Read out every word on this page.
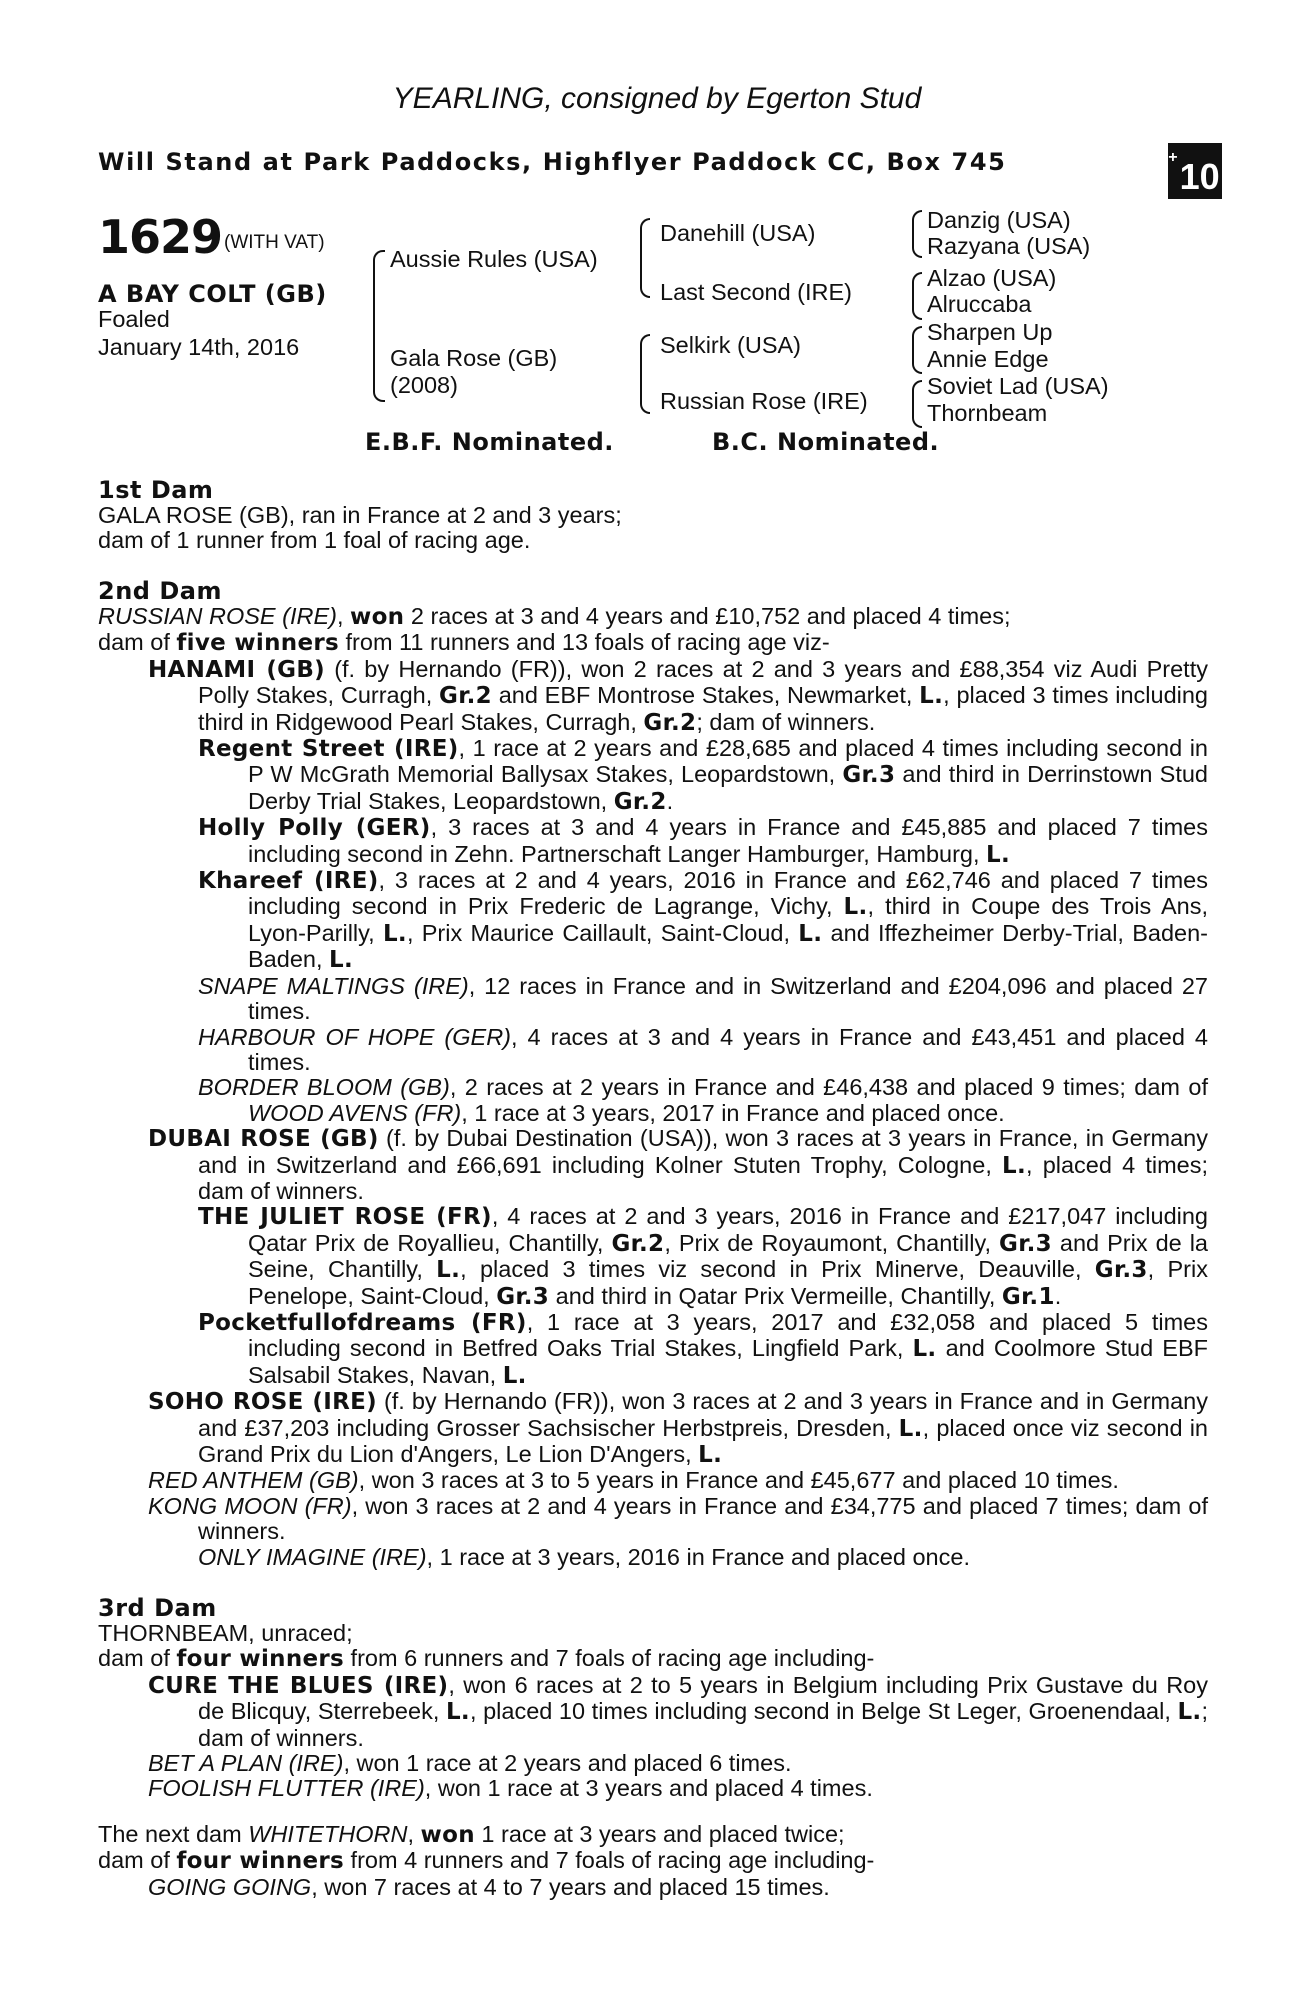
YEARLING, consigned by Egerton Stud
Will Stand at Park Paddocks, Highflyer Paddock CC, Box 745	+10
1629 (WITH VAT)
A BAY COLT (GB)
Foaled
January 14th, 2016
Aussie Rules (USA)
Gala Rose (GB)
(2008)
Danehill (USA)
Last Second (IRE)
Selkirk (USA)
Russian Rose (IRE)
Danzig (USA)
Razyana (USA)
Alzao (USA)
Alruccaba
Sharpen Up
Annie Edge
Soviet Lad (USA)
Thornbeam
E.B.F. Nominated.	B.C. Nominated.
1st Dam
GALA ROSE (GB), ran in France at 2 and 3 years;
dam of 1 runner from 1 foal of racing age.
2nd Dam
RUSSIAN ROSE (IRE), won 2 races at 3 and 4 years and £10,752 and placed 4 times;
dam of five winners from 11 runners and 13 foals of racing age viz-
HANAMI (GB) (f. by Hernando (FR)), won 2 races at 2 and 3 years and £88,354 viz Audi Pretty Polly Stakes, Curragh, Gr.2 and EBF Montrose Stakes, Newmarket, L., placed 3 times including third in Ridgewood Pearl Stakes, Curragh, Gr.2; dam of winners.
Regent Street (IRE), 1 race at 2 years and £28,685 and placed 4 times including second in P W McGrath Memorial Ballysax Stakes, Leopardstown, Gr.3 and third in Derrinstown Stud Derby Trial Stakes, Leopardstown, Gr.2.
Holly Polly (GER), 3 races at 3 and 4 years in France and £45,885 and placed 7 times including second in Zehn. Partnerschaft Langer Hamburger, Hamburg, L.
Khareef (IRE), 3 races at 2 and 4 years, 2016 in France and £62,746 and placed 7 times including second in Prix Frederic de Lagrange, Vichy, L., third in Coupe des Trois Ans, Lyon-Parilly, L., Prix Maurice Caillault, Saint-Cloud, L. and Iffezheimer Derby-Trial, Baden-Baden, L.
SNAPE MALTINGS (IRE), 12 races in France and in Switzerland and £204,096 and placed 27 times.
HARBOUR OF HOPE (GER), 4 races at 3 and 4 years in France and £43,451 and placed 4 times.
BORDER BLOOM (GB), 2 races at 2 years in France and £46,438 and placed 9 times; dam of WOOD AVENS (FR), 1 race at 3 years, 2017 in France and placed once.
DUBAI ROSE (GB) (f. by Dubai Destination (USA)), won 3 races at 3 years in France, in Germany and in Switzerland and £66,691 including Kolner Stuten Trophy, Cologne, L., placed 4 times; dam of winners.
THE JULIET ROSE (FR), 4 races at 2 and 3 years, 2016 in France and £217,047 including Qatar Prix de Royallieu, Chantilly, Gr.2, Prix de Royaumont, Chantilly, Gr.3 and Prix de la Seine, Chantilly, L., placed 3 times viz second in Prix Minerve, Deauville, Gr.3, Prix Penelope, Saint-Cloud, Gr.3 and third in Qatar Prix Vermeille, Chantilly, Gr.1.
Pocketfullofdreams (FR), 1 race at 3 years, 2017 and £32,058 and placed 5 times including second in Betfred Oaks Trial Stakes, Lingfield Park, L. and Coolmore Stud EBF Salsabil Stakes, Navan, L.
SOHO ROSE (IRE) (f. by Hernando (FR)), won 3 races at 2 and 3 years in France and in Germany and £37,203 including Grosser Sachsischer Herbstpreis, Dresden, L., placed once viz second in Grand Prix du Lion d'Angers, Le Lion D'Angers, L.
RED ANTHEM (GB), won 3 races at 3 to 5 years in France and £45,677 and placed 10 times.
KONG MOON (FR), won 3 races at 2 and 4 years in France and £34,775 and placed 7 times; dam of winners.
ONLY IMAGINE (IRE), 1 race at 3 years, 2016 in France and placed once.
3rd Dam
THORNBEAM, unraced;
dam of four winners from 6 runners and 7 foals of racing age including-
CURE THE BLUES (IRE), won 6 races at 2 to 5 years in Belgium including Prix Gustave du Roy de Blicquy, Sterrebeek, L., placed 10 times including second in Belge St Leger, Groenendaal, L.; dam of winners.
BET A PLAN (IRE), won 1 race at 2 years and placed 6 times.
FOOLISH FLUTTER (IRE), won 1 race at 3 years and placed 4 times.
The next dam WHITETHORN, won 1 race at 3 years and placed twice;
dam of four winners from 4 runners and 7 foals of racing age including-
GOING GOING, won 7 races at 4 to 7 years and placed 15 times.
